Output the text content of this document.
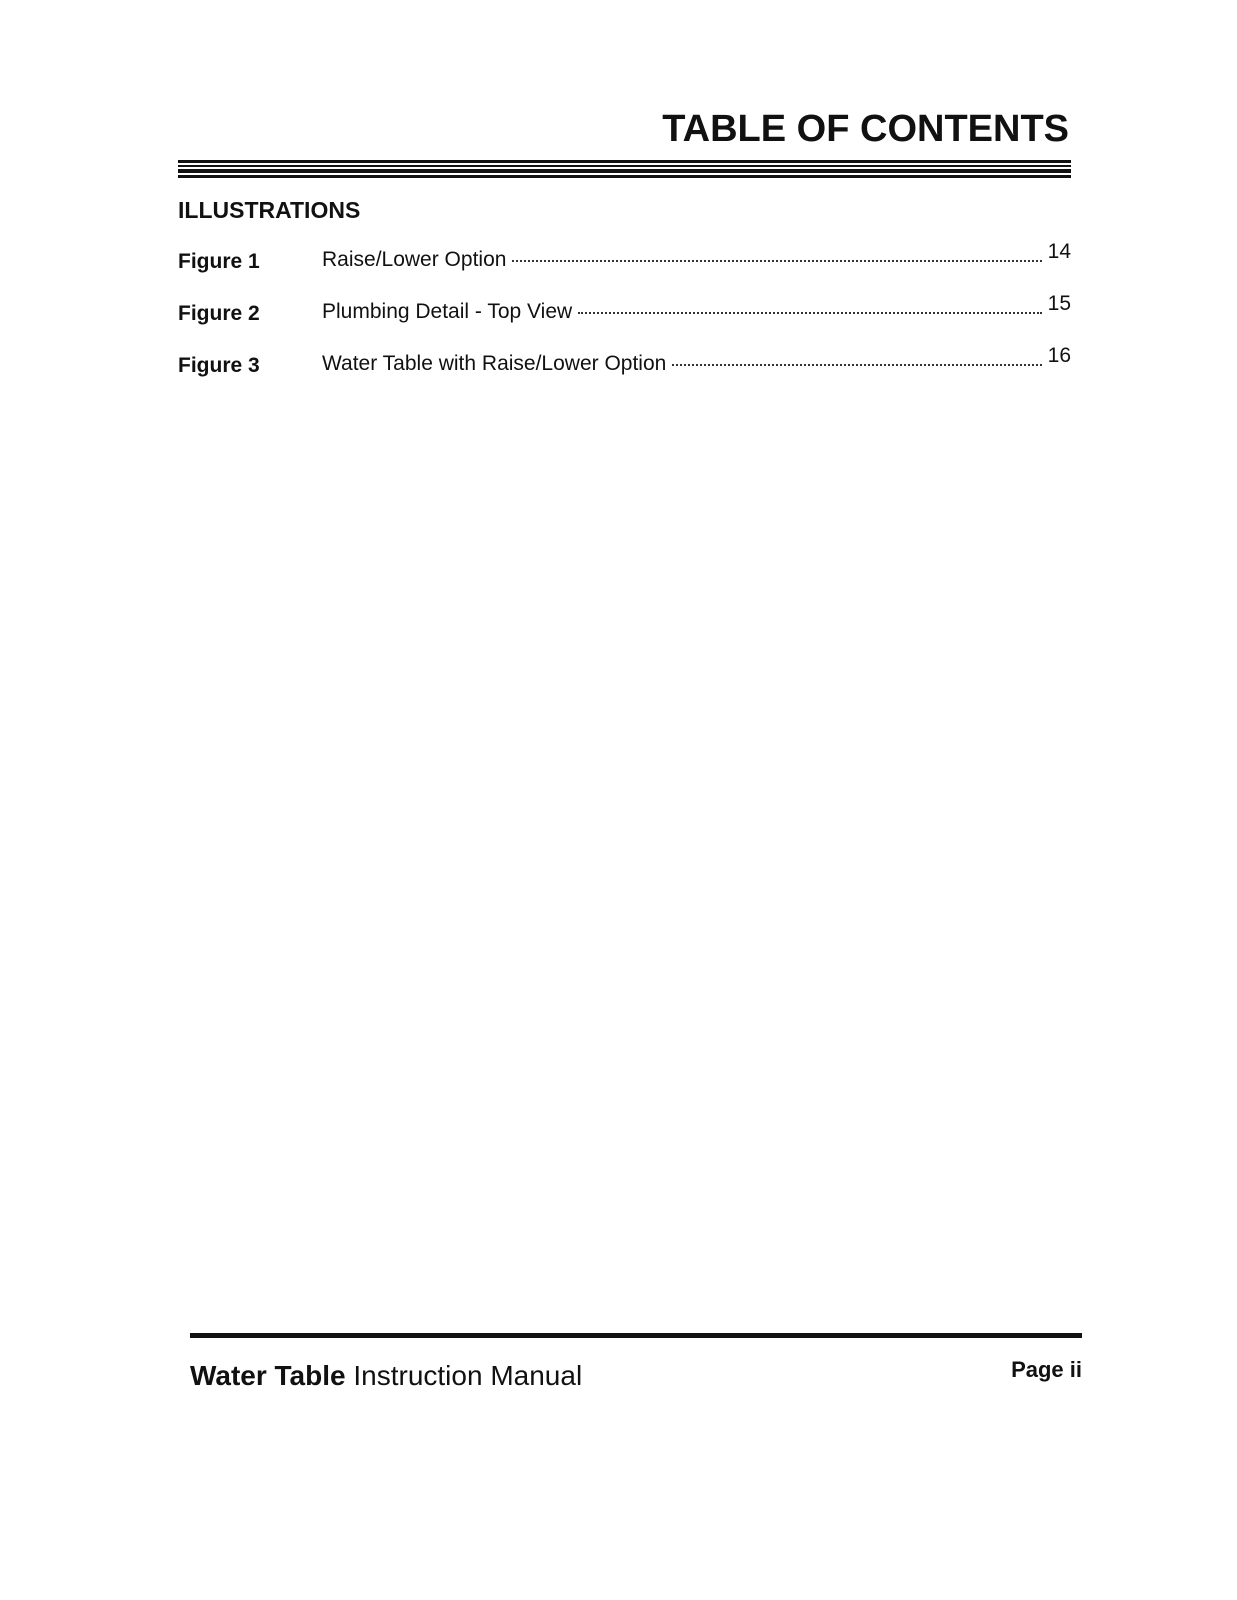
TABLE OF CONTENTS
ILLUSTRATIONS
Figure 1	Raise/Lower Option	14
Figure 2	Plumbing Detail - Top View	15
Figure 3	Water Table with Raise/Lower Option	16
Water Table Instruction Manual	Page ii
